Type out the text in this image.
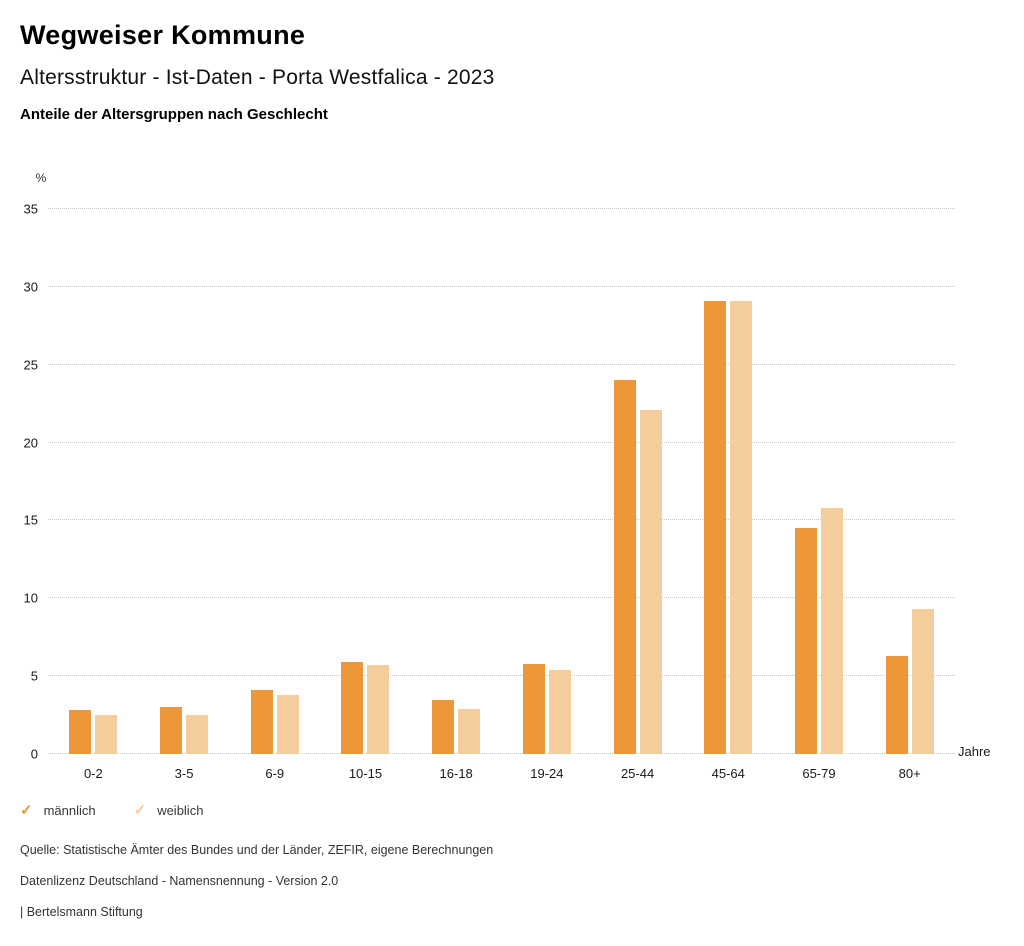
Wegweiser Kommune
Altersstruktur - Ist-Daten - Porta Westfalica - 2023
Anteile der Altersgruppen nach Geschlecht
%
0
5
10
15
20
25
30
35
0-2	3-5	6-9	10-15	16-18	19-24	25-44	45-64	65-79	80+
Jahre
✓ männlich	✓ weiblich

Quelle: Statistische Ämter des Bundes und der Länder, ZEFIR, eigene Berechnungen

Datenlizenz Deutschland - Namensnennung - Version 2.0

| Bertelsmann Stiftung
